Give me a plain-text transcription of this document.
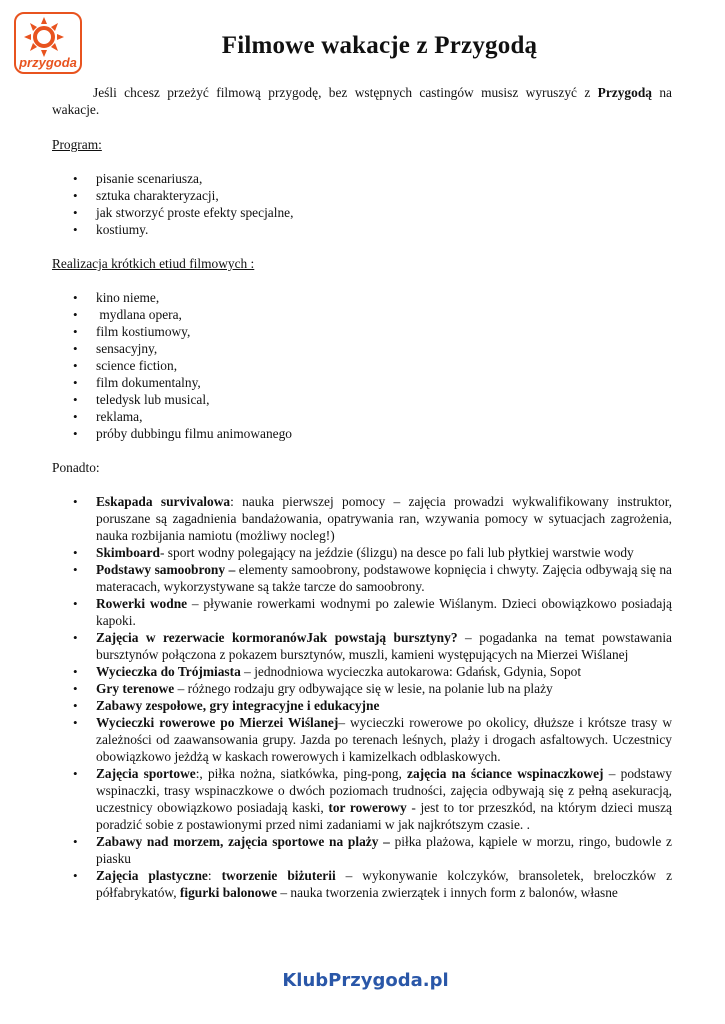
przygoda
Filmowe wakacje z Przygodą

Jeśli chcesz przeżyć filmową przygodę, bez wstępnych castingów musisz wyruszyć z Przygodą na wakacje.

Program:

• pisanie scenariusza,
• sztuka charakteryzacji,
• jak stworzyć proste efekty specjalne,
• kostiumy.

Realizacja krótkich etiud filmowych :

• kino nieme,
•  mydlana opera,
• film kostiumowy,
• sensacyjny,
• science fiction,
• film dokumentalny,
• teledysk lub musical,
• reklama,
• próby dubbingu filmu animowanego

Ponadto:

• Eskapada survivalowa: nauka pierwszej pomocy – zajęcia prowadzi wykwalifikowany instruktor, poruszane są zagadnienia bandażowania, opatrywania ran, wzywania pomocy w sytuacjach zagrożenia, nauka rozbijania namiotu (możliwy nocleg!)
• Skimboard- sport wodny polegający na jeździe (ślizgu) na desce po fali lub płytkiej warstwie wody
• Podstawy samoobrony – elementy samoobrony, podstawowe kopnięcia i chwyty. Zajęcia odbywają się na materacach, wykorzystywane są także tarcze do samoobrony.
• Rowerki wodne – pływanie rowerkami wodnymi po zalewie Wiślanym. Dzieci obowiązkowo posiadają kapoki.
• Zajęcia w rezerwacie kormoranówJak powstają bursztyny? – pogadanka na temat powstawania bursztynów połączona z pokazem bursztynów, muszli, kamieni występujących na Mierzei Wiślanej
• Wycieczka do Trójmiasta – jednodniowa wycieczka autokarowa: Gdańsk, Gdynia, Sopot
• Gry terenowe – różnego rodzaju gry odbywające się w lesie, na polanie lub na plaży
• Zabawy zespołowe, gry integracyjne i edukacyjne
• Wycieczki rowerowe po Mierzei Wiślanej– wycieczki rowerowe po okolicy, dłuższe i krótsze trasy w zależności od zaawansowania grupy. Jazda po terenach leśnych, plaży i drogach asfaltowych. Uczestnicy obowiązkowo jeżdżą w kaskach rowerowych i kamizelkach odblaskowych.
• Zajęcia sportowe:, piłka nożna, siatkówka, ping-pong, zajęcia na ściance wspinaczkowej – podstawy wspinaczki, trasy wspinaczkowe o dwóch poziomach trudności, zajęcia odbywają się z pełną asekuracją, uczestnicy obowiązkowo posiadają kaski, tor rowerowy - jest to tor przeszkód, na którym dzieci muszą poradzić sobie z postawionymi przed nimi zadaniami w jak najkrótszym czasie. .
• Zabawy nad morzem, zajęcia sportowe na plaży – piłka plażowa, kąpiele w morzu, ringo, budowle z piasku
• Zajęcia plastyczne: tworzenie biżuterii – wykonywanie kolczyków, bransoletek, breloczków z półfabrykatów, figurki balonowe – nauka tworzenia zwierzątek i innych form z balonów, własne
KlubPrzygoda.pl
